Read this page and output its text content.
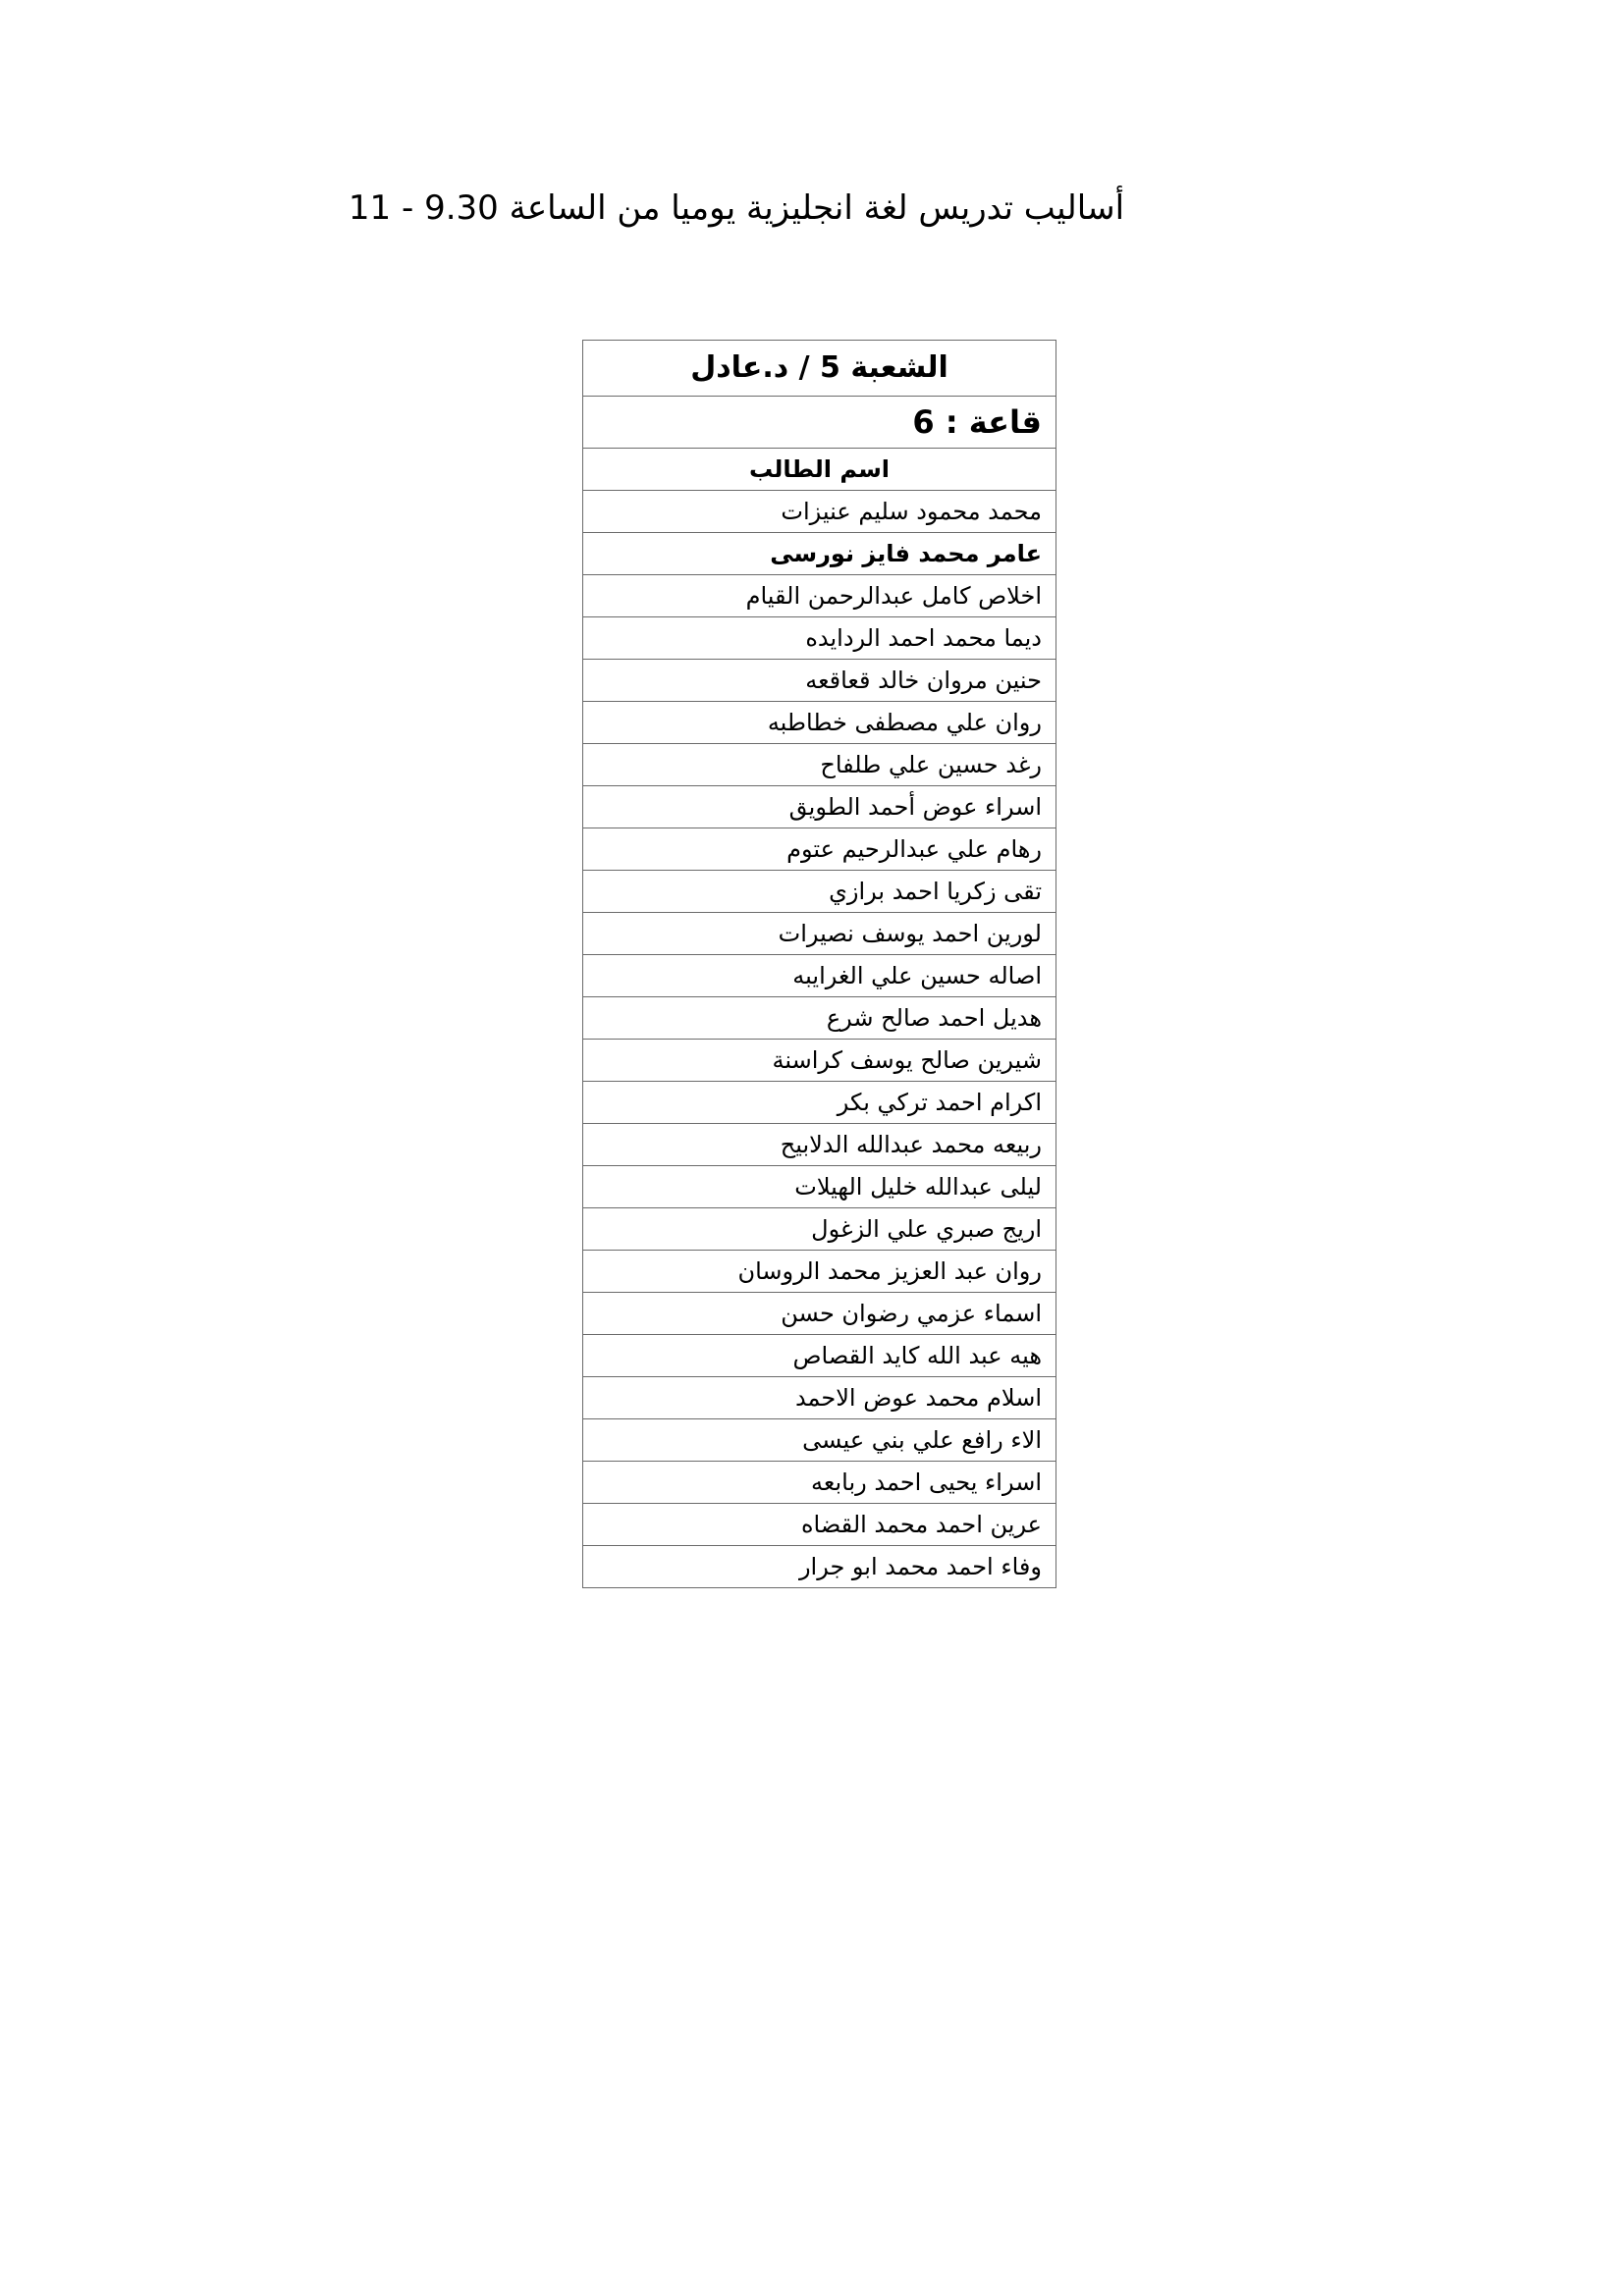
أساليب تدريس لغة انجليزية يوميا من الساعة 9.30 - 11
الشعبة 5 / د.عادل
قاعة : 6
اسم الطالب
محمد محمود سليم عنيزات
عامر محمد فايز نورسى
اخلاص كامل عبدالرحمن القيام
ديما محمد احمد الردايده
حنين مروان خالد قعاقعه
روان علي مصطفى خطاطبه
رغد حسين علي طلفاح
اسراء عوض أحمد الطويق
رهام علي عبدالرحيم عتوم
تقى زكريا احمد برازي
لورين احمد يوسف نصيرات
اصاله حسين علي الغرايبه
هديل احمد صالح شرع
شيرين صالح يوسف كراسنة
اكرام احمد تركي بكر
ربيعه محمد عبدالله الدلابيح
ليلى عبدالله خليل الهيلات
اريج صبري علي الزغول
روان عبد العزيز محمد الروسان
اسماء عزمي رضوان حسن
هيه عبد الله كايد القصاص
اسلام محمد عوض الاحمد
الاء رافع علي بني عيسى
اسراء يحيى احمد ربابعه
عرين احمد محمد القضاه
وفاء احمد محمد ابو جرار
